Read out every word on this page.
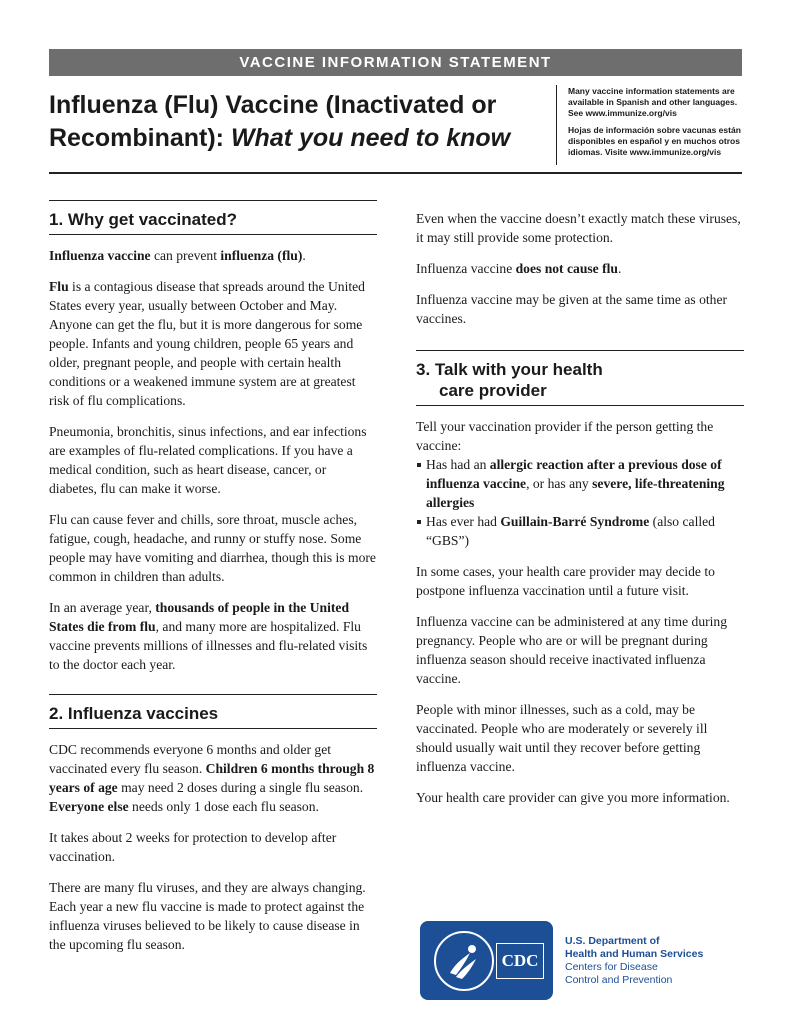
VACCINE INFORMATION STATEMENT
Influenza (Flu) Vaccine (Inactivated or
Recombinant): What you need to know

Many vaccine information statements are available in Spanish and other languages. See www.immunize.org/vis

Hojas de información sobre vacunas están disponibles en español y en muchos otros idiomas. Visite www.immunize.org/vis

1. Why get vaccinated?

Influenza vaccine can prevent influenza (flu).

Flu is a contagious disease that spreads around the United States every year, usually between October and May. Anyone can get the flu, but it is more dangerous for some people. Infants and young children, people 65 years and older, pregnant people, and people with certain health conditions or a weakened immune system are at greatest risk of flu complications.

Pneumonia, bronchitis, sinus infections, and ear infections are examples of flu-related complications. If you have a medical condition, such as heart disease, cancer, or diabetes, flu can make it worse.

Flu can cause fever and chills, sore throat, muscle aches, fatigue, cough, headache, and runny or stuffy nose. Some people may have vomiting and diarrhea, though this is more common in children than adults.

In an average year, thousands of people in the United States die from flu, and many more are hospitalized. Flu vaccine prevents millions of illnesses and flu-related visits to the doctor each year.

2. Influenza vaccines

CDC recommends everyone 6 months and older get vaccinated every flu season. Children 6 months through 8 years of age may need 2 doses during a single flu season. Everyone else needs only 1 dose each flu season.

It takes about 2 weeks for protection to develop after vaccination.

There are many flu viruses, and they are always changing. Each year a new flu vaccine is made to protect against the influenza viruses believed to be likely to cause disease in the upcoming flu season.

Even when the vaccine doesn’t exactly match these viruses, it may still provide some protection.

Influenza vaccine does not cause flu.

Influenza vaccine may be given at the same time as other vaccines.

3. Talk with your health
care provider

Tell your vaccination provider if the person getting the vaccine:

Has had an allergic reaction after a previous dose of influenza vaccine, or has any severe, life-threatening allergies
Has ever had Guillain-Barré Syndrome (also called “GBS”)

In some cases, your health care provider may decide to postpone influenza vaccination until a future visit.

Influenza vaccine can be administered at any time during pregnancy. People who are or will be pregnant during influenza season should receive inactivated influenza vaccine.

People with minor illnesses, such as a cold, may be vaccinated. People who are moderately or severely ill should usually wait until they recover before getting influenza vaccine.

Your health care provider can give you more information.

CDC
U.S. Department of
Health and Human Services
Centers for Disease
Control and Prevention
